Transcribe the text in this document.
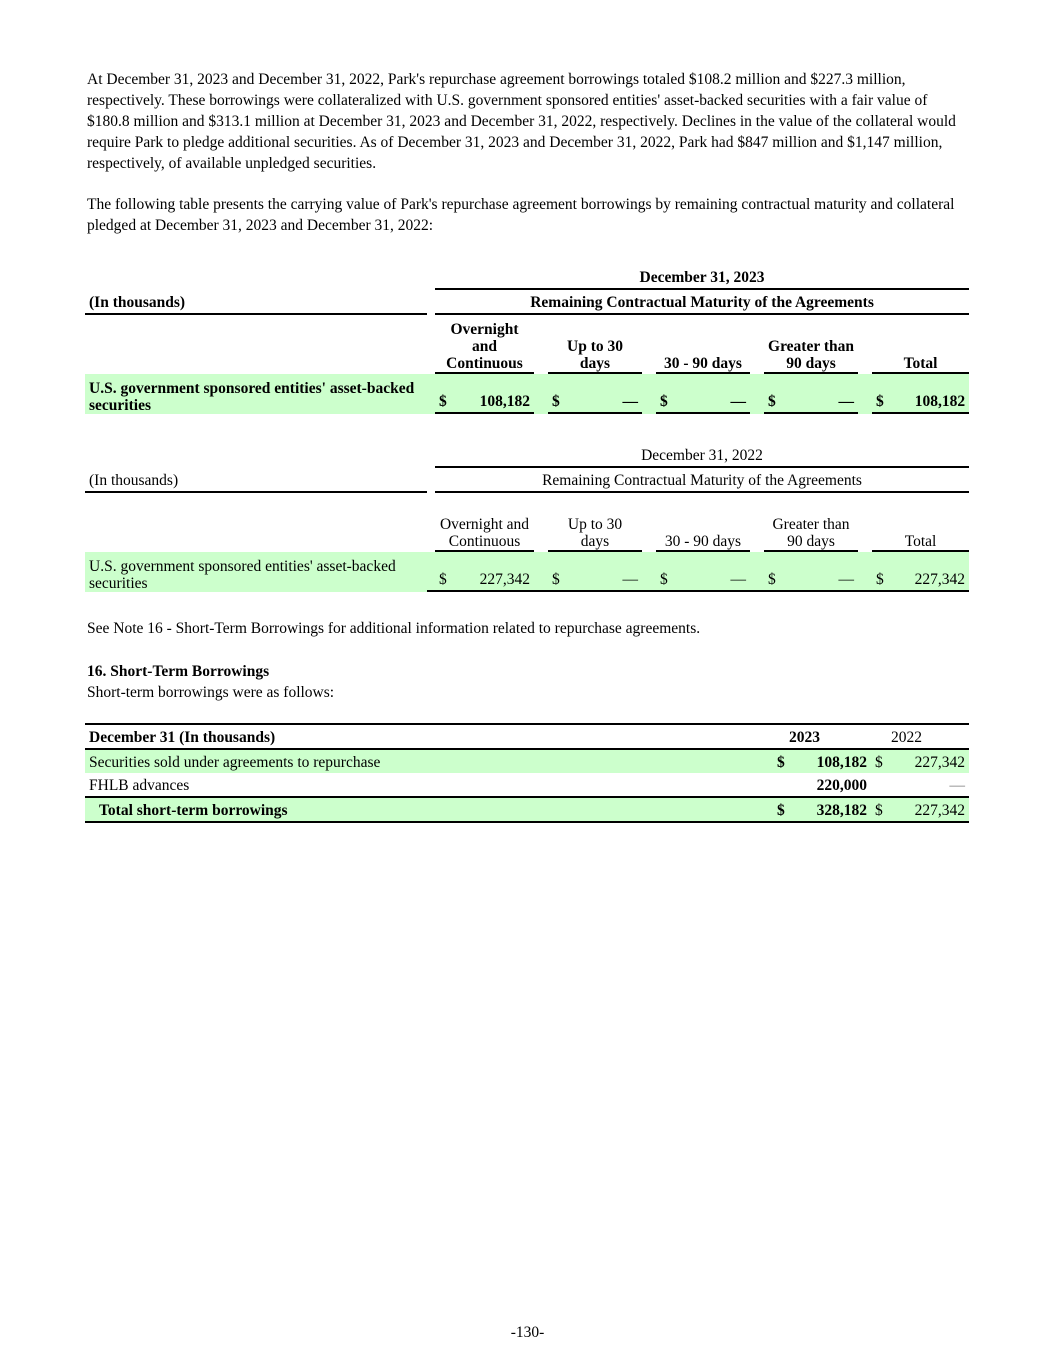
At December 31, 2023 and December 31, 2022, Park's repurchase agreement borrowings totaled $108.2 million and $227.3 million, respectively. These borrowings were collateralized with U.S. government sponsored entities' asset-backed securities with a fair value of $180.8 million and $313.1 million at December 31, 2023 and December 31, 2022, respectively. Declines in the value of the collateral would require Park to pledge additional securities. As of December 31, 2023 and December 31, 2022, Park had $847 million and $1,147 million, respectively, of available unpledged securities.

The following table presents the carrying value of Park's repurchase agreement borrowings by remaining contractual maturity and collateral pledged at December 31, 2023 and December 31, 2022:

		December 31, 2023								
(In thousands)		Remaining Contractual Maturity of the Agreements								
		Overnight and Continuous		Up to 30 days		30 - 90 days		Greater than 90 days		Total
U.S. government sponsored entities' asset-backed securities		$ 108,182		$ —		$ —		$ —		$ 108,182
		December 31, 2022								
(In thousands)		Remaining Contractual Maturity of the Agreements								
		Overnight and Continuous		Up to 30 days		30 - 90 days		Greater than 90 days		Total
U.S. government sponsored entities' asset-backed securities		$ 227,342		$ —		$ —		$ —		$ 227,342

See Note 16 - Short-Term Borrowings for additional information related to repurchase agreements.

16. Short-Term Borrowings

Short-term borrowings were as follows:

December 31 (In thousands)	2023	2022
Securities sold under agreements to repurchase	$ 108,182	$ 227,342

FHLB advances	220,000	—
Total short-term borrowings	$ 328,182	$ 227,342
-130-
